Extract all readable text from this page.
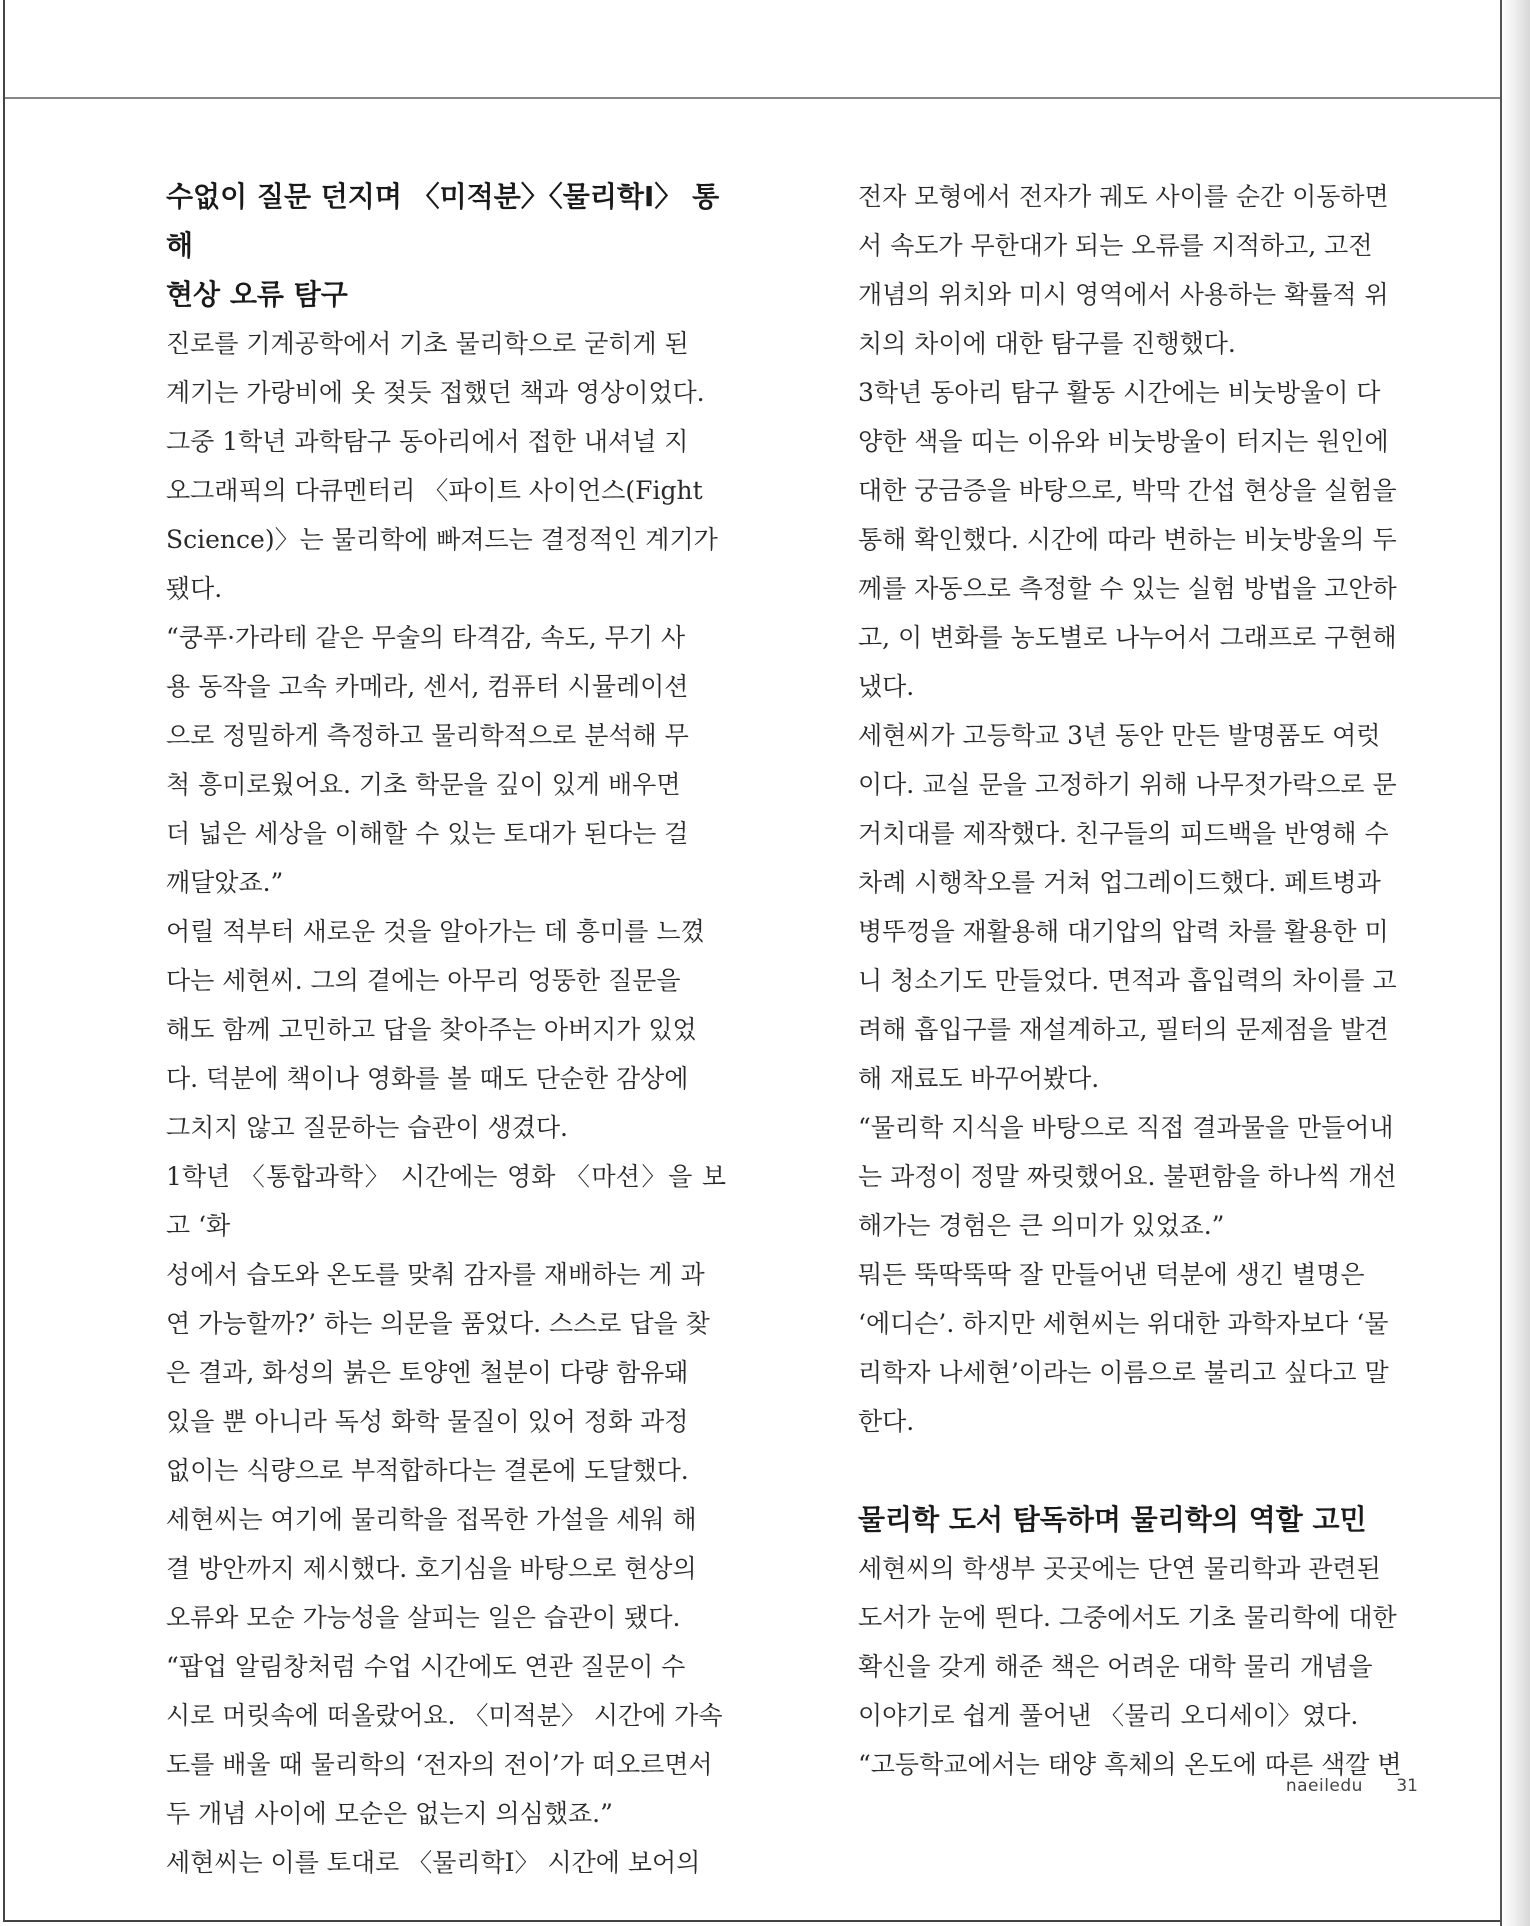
수없이 질문 던지며 〈미적분〉〈물리학Ⅰ〉 통해
현상 오류 탐구

진로를 기계공학에서 기초 물리학으로 굳히게 된
계기는 가랑비에 옷 젖듯 접했던 책과 영상이었다.
그중 1학년 과학탐구 동아리에서 접한 내셔널 지
오그래픽의 다큐멘터리 〈파이트 사이언스(Fight
Science)〉는 물리학에 빠져드는 결정적인 계기가
됐다.

“쿵푸·가라테 같은 무술의 타격감, 속도, 무기 사
용 동작을 고속 카메라, 센서, 컴퓨터 시뮬레이션
으로 정밀하게 측정하고 물리학적으로 분석해 무
척 흥미로웠어요. 기초 학문을 깊이 있게 배우면
더 넓은 세상을 이해할 수 있는 토대가 된다는 걸
깨달았죠.”

어릴 적부터 새로운 것을 알아가는 데 흥미를 느꼈
다는 세현씨. 그의 곁에는 아무리 엉뚱한 질문을
해도 함께 고민하고 답을 찾아주는 아버지가 있었
다. 덕분에 책이나 영화를 볼 때도 단순한 감상에
그치지 않고 질문하는 습관이 생겼다.

1학년 〈통합과학〉 시간에는 영화 〈마션〉을 보고 ‘화
성에서 습도와 온도를 맞춰 감자를 재배하는 게 과
연 가능할까?’ 하는 의문을 품었다. 스스로 답을 찾
은 결과, 화성의 붉은 토양엔 철분이 다량 함유돼
있을 뿐 아니라 독성 화학 물질이 있어 정화 과정
없이는 식량으로 부적합하다는 결론에 도달했다.
세현씨는 여기에 물리학을 접목한 가설을 세워 해
결 방안까지 제시했다. 호기심을 바탕으로 현상의
오류와 모순 가능성을 살피는 일은 습관이 됐다.

“팝업 알림창처럼 수업 시간에도 연관 질문이 수
시로 머릿속에 떠올랐어요. 〈미적분〉 시간에 가속
도를 배울 때 물리학의 ‘전자의 전이’가 떠오르면서
두 개념 사이에 모순은 없는지 의심했죠.”

세현씨는 이를 토대로 〈물리학Ⅰ〉 시간에 보어의

전자 모형에서 전자가 궤도 사이를 순간 이동하면
서 속도가 무한대가 되는 오류를 지적하고, 고전
개념의 위치와 미시 영역에서 사용하는 확률적 위
치의 차이에 대한 탐구를 진행했다.

3학년 동아리 탐구 활동 시간에는 비눗방울이 다
양한 색을 띠는 이유와 비눗방울이 터지는 원인에
대한 궁금증을 바탕으로, 박막 간섭 현상을 실험을
통해 확인했다. 시간에 따라 변하는 비눗방울의 두
께를 자동으로 측정할 수 있는 실험 방법을 고안하
고, 이 변화를 농도별로 나누어서 그래프로 구현해
냈다.

세현씨가 고등학교 3년 동안 만든 발명품도 여럿
이다. 교실 문을 고정하기 위해 나무젓가락으로 문
거치대를 제작했다. 친구들의 피드백을 반영해 수
차례 시행착오를 거쳐 업그레이드했다. 페트병과
병뚜껑을 재활용해 대기압의 압력 차를 활용한 미
니 청소기도 만들었다. 면적과 흡입력의 차이를 고
려해 흡입구를 재설계하고, 필터의 문제점을 발견
해 재료도 바꾸어봤다.

“물리학 지식을 바탕으로 직접 결과물을 만들어내
는 과정이 정말 짜릿했어요. 불편함을 하나씩 개선
해가는 경험은 큰 의미가 있었죠.”

뭐든 뚝딱뚝딱 잘 만들어낸 덕분에 생긴 별명은
‘에디슨’. 하지만 세현씨는 위대한 과학자보다 ‘물
리학자 나세현’이라는 이름으로 불리고 싶다고 말
한다.

물리학 도서 탐독하며 물리학의 역할 고민

세현씨의 학생부 곳곳에는 단연 물리학과 관련된
도서가 눈에 띈다. 그중에서도 기초 물리학에 대한
확신을 갖게 해준 책은 어려운 대학 물리 개념을
이야기로 쉽게 풀어낸 〈물리 오디세이〉였다.

“고등학교에서는 태양 흑체의 온도에 따른 색깔 변

naeiledu 31
